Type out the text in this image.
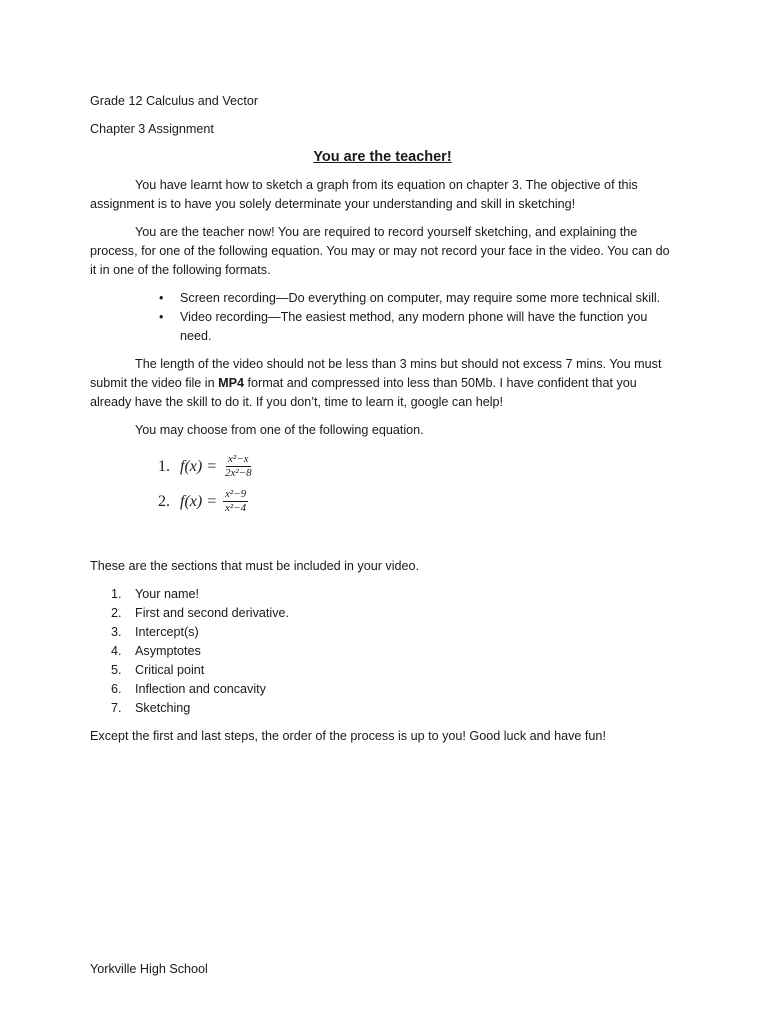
Grade 12 Calculus and Vector

Chapter 3 Assignment

You are the teacher!

You have learnt how to sketch a graph from its equation on chapter 3. The objective of this assignment is to have you solely determinate your understanding and skill in sketching!

You are the teacher now! You are required to record yourself sketching, and explaining the process, for one of the following equation. You may or may not record your face in the video. You can do it in one of the following formats.

• Screen recording—Do everything on computer, may require some more technical skill.
• Video recording—The easiest method, any modern phone will have the function you need.

The length of the video should not be less than 3 mins but should not excess 7 mins. You must submit the video file in MP4 format and compressed into less than 50Mb. I have confident that you already have the skill to do it. If you don’t, time to learn it, google can help!

You may choose from one of the following equation.

1. $f(x) = \frac{\text{x²−x}}{\text{2x²−8}}$
2. $f(x) = \frac{\text{x²−9}}{\text{x²−4}}$

These are the sections that must be included in your video.

1.	Your name!
2.	First and second derivative.
3.	Intercept(s)
4.	Asymptotes
5.	Critical point
6.	Inflection and concavity
7.	Sketching

Except the first and last steps, the order of the process is up to you! Good luck and have fun!

Yorkville High School
